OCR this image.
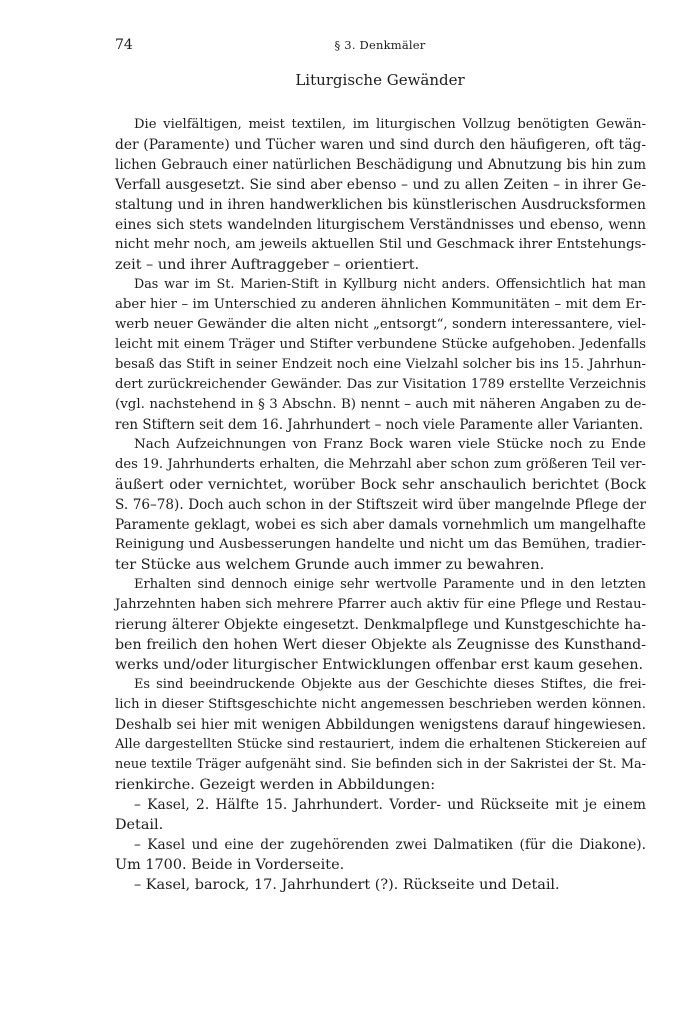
74	§ 3. Denkmäler
Liturgische Gewänder
Die vielfältigen, meist textilen, im liturgischen Vollzug benötigten Gewän-
der (Paramente) und Tücher waren und sind durch den häufigeren, oft täg-
lichen Gebrauch einer natürlichen Beschädigung und Abnutzung bis hin zum
Verfall ausgesetzt. Sie sind aber ebenso – und zu allen Zeiten – in ihrer Ge-
staltung und in ihren handwerklichen bis künstlerischen Ausdrucksformen
eines sich stets wandelnden liturgischem Verständnisses und ebenso, wenn
nicht mehr noch, am jeweils aktuellen Stil und Geschmack ihrer Entstehungs-
zeit – und ihrer Auftraggeber – orientiert.
Das war im St. Marien-Stift in Kyllburg nicht anders. Offensichtlich hat man
aber hier – im Unterschied zu anderen ähnlichen Kommunitäten – mit dem Er-
werb neuer Gewänder die alten nicht „entsorgt“, sondern interessantere, viel-
leicht mit einem Träger und Stifter verbundene Stücke aufgehoben. Jedenfalls
besaß das Stift in seiner Endzeit noch eine Vielzahl solcher bis ins 15. Jahrhun-
dert zurückreichender Gewänder. Das zur Visitation 1789 erstellte Verzeichnis
(vgl. nachstehend in § 3 Abschn. B) nennt – auch mit näheren Angaben zu de-
ren Stiftern seit dem 16. Jahrhundert – noch viele Paramente aller Varianten.
Nach Aufzeichnungen von Franz Bock waren viele Stücke noch zu Ende
des 19. Jahrhunderts erhalten, die Mehrzahl aber schon zum größeren Teil ver-
äußert oder vernichtet, worüber Bock sehr anschaulich berichtet (Bock
S. 76–78). Doch auch schon in der Stiftszeit wird über mangelnde Pflege der
Paramente geklagt, wobei es sich aber damals vornehmlich um mangelhafte
Reinigung und Ausbesserungen handelte und nicht um das Bemühen, tradier-
ter Stücke aus welchem Grunde auch immer zu bewahren.
Erhalten sind dennoch einige sehr wertvolle Paramente und in den letzten
Jahrzehnten haben sich mehrere Pfarrer auch aktiv für eine Pflege und Restau-
rierung älterer Objekte eingesetzt. Denkmalpflege und Kunstgeschichte ha-
ben freilich den hohen Wert dieser Objekte als Zeugnisse des Kunsthand-
werks und/oder liturgischer Entwicklungen offenbar erst kaum gesehen.
Es sind beeindruckende Objekte aus der Geschichte dieses Stiftes, die frei-
lich in dieser Stiftsgeschichte nicht angemessen beschrieben werden können.
Deshalb sei hier mit wenigen Abbildungen wenigstens darauf hingewiesen.
Alle dargestellten Stücke sind restauriert, indem die erhaltenen Stickereien auf
neue textile Träger aufgenäht sind. Sie befinden sich in der Sakristei der St. Ma-
rienkirche. Gezeigt werden in Abbildungen:
– Kasel, 2. Hälfte 15. Jahrhundert. Vorder- und Rückseite mit je einem
Detail.
– Kasel und eine der zugehörenden zwei Dalmatiken (für die Diakone).
Um 1700. Beide in Vorderseite.
– Kasel, barock, 17. Jahrhundert (?). Rückseite und Detail.
